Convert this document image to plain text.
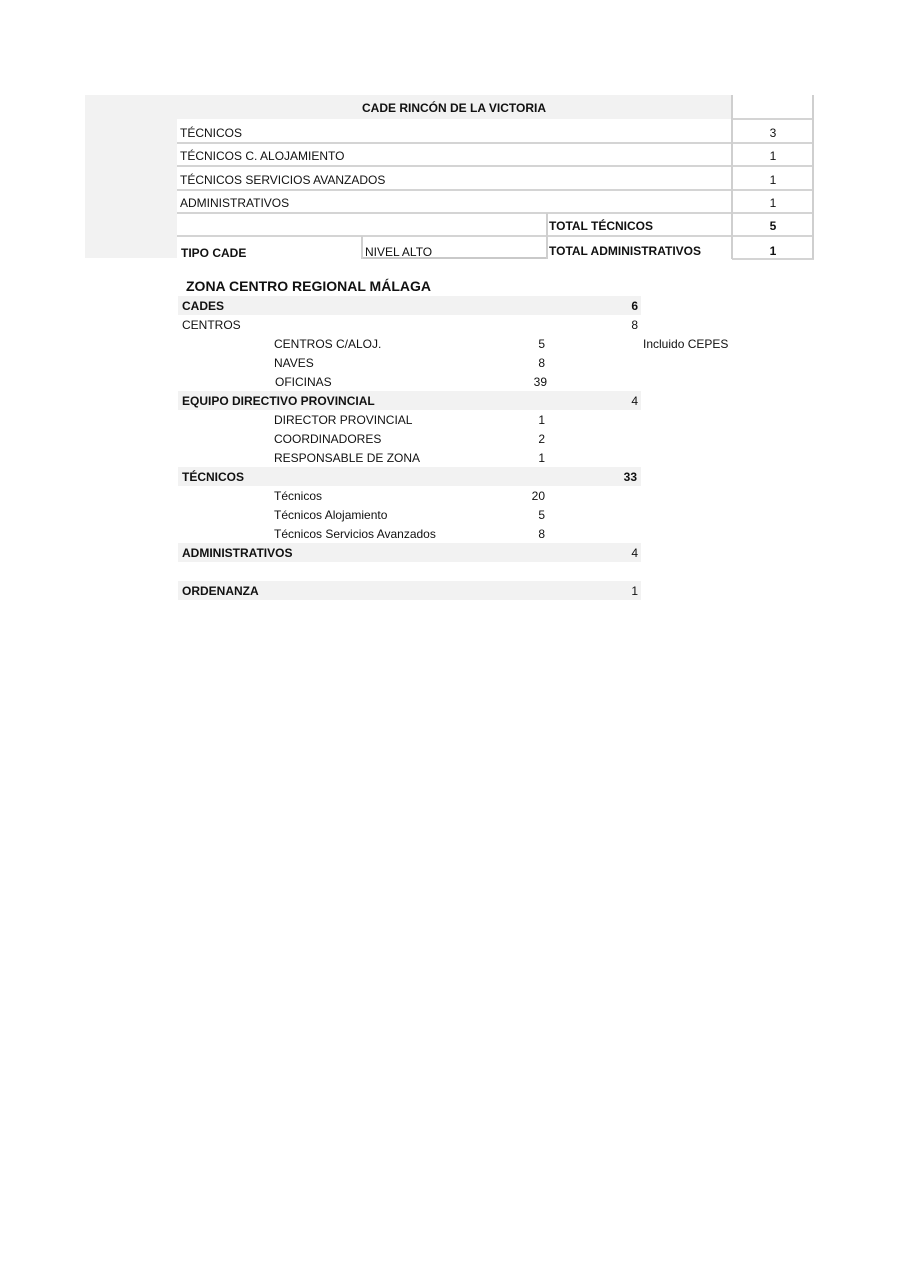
CADE RINCÓN DE LA VICTORIA
TÉCNICOS	3
TÉCNICOS C. ALOJAMIENTO	1
TÉCNICOS SERVICIOS AVANZADOS	1
ADMINISTRATIVOS	1
TOTAL TÉCNICOS	5
TIPO CADE	NIVEL ALTO	TOTAL ADMINISTRATIVOS	1
ZONA CENTRO REGIONAL MÁLAGA
CADES	6
CENTROS	8
CENTROS C/ALOJ.	5	Incluido CEPES
NAVES	8
OFICINAS	39
EQUIPO DIRECTIVO PROVINCIAL	4
DIRECTOR PROVINCIAL	1
COORDINADORES	2
RESPONSABLE DE ZONA	1
TÉCNICOS	33
Técnicos	20
Técnicos Alojamiento	5
Técnicos Servicios Avanzados	8
ADMINISTRATIVOS	4
ORDENANZA	1
